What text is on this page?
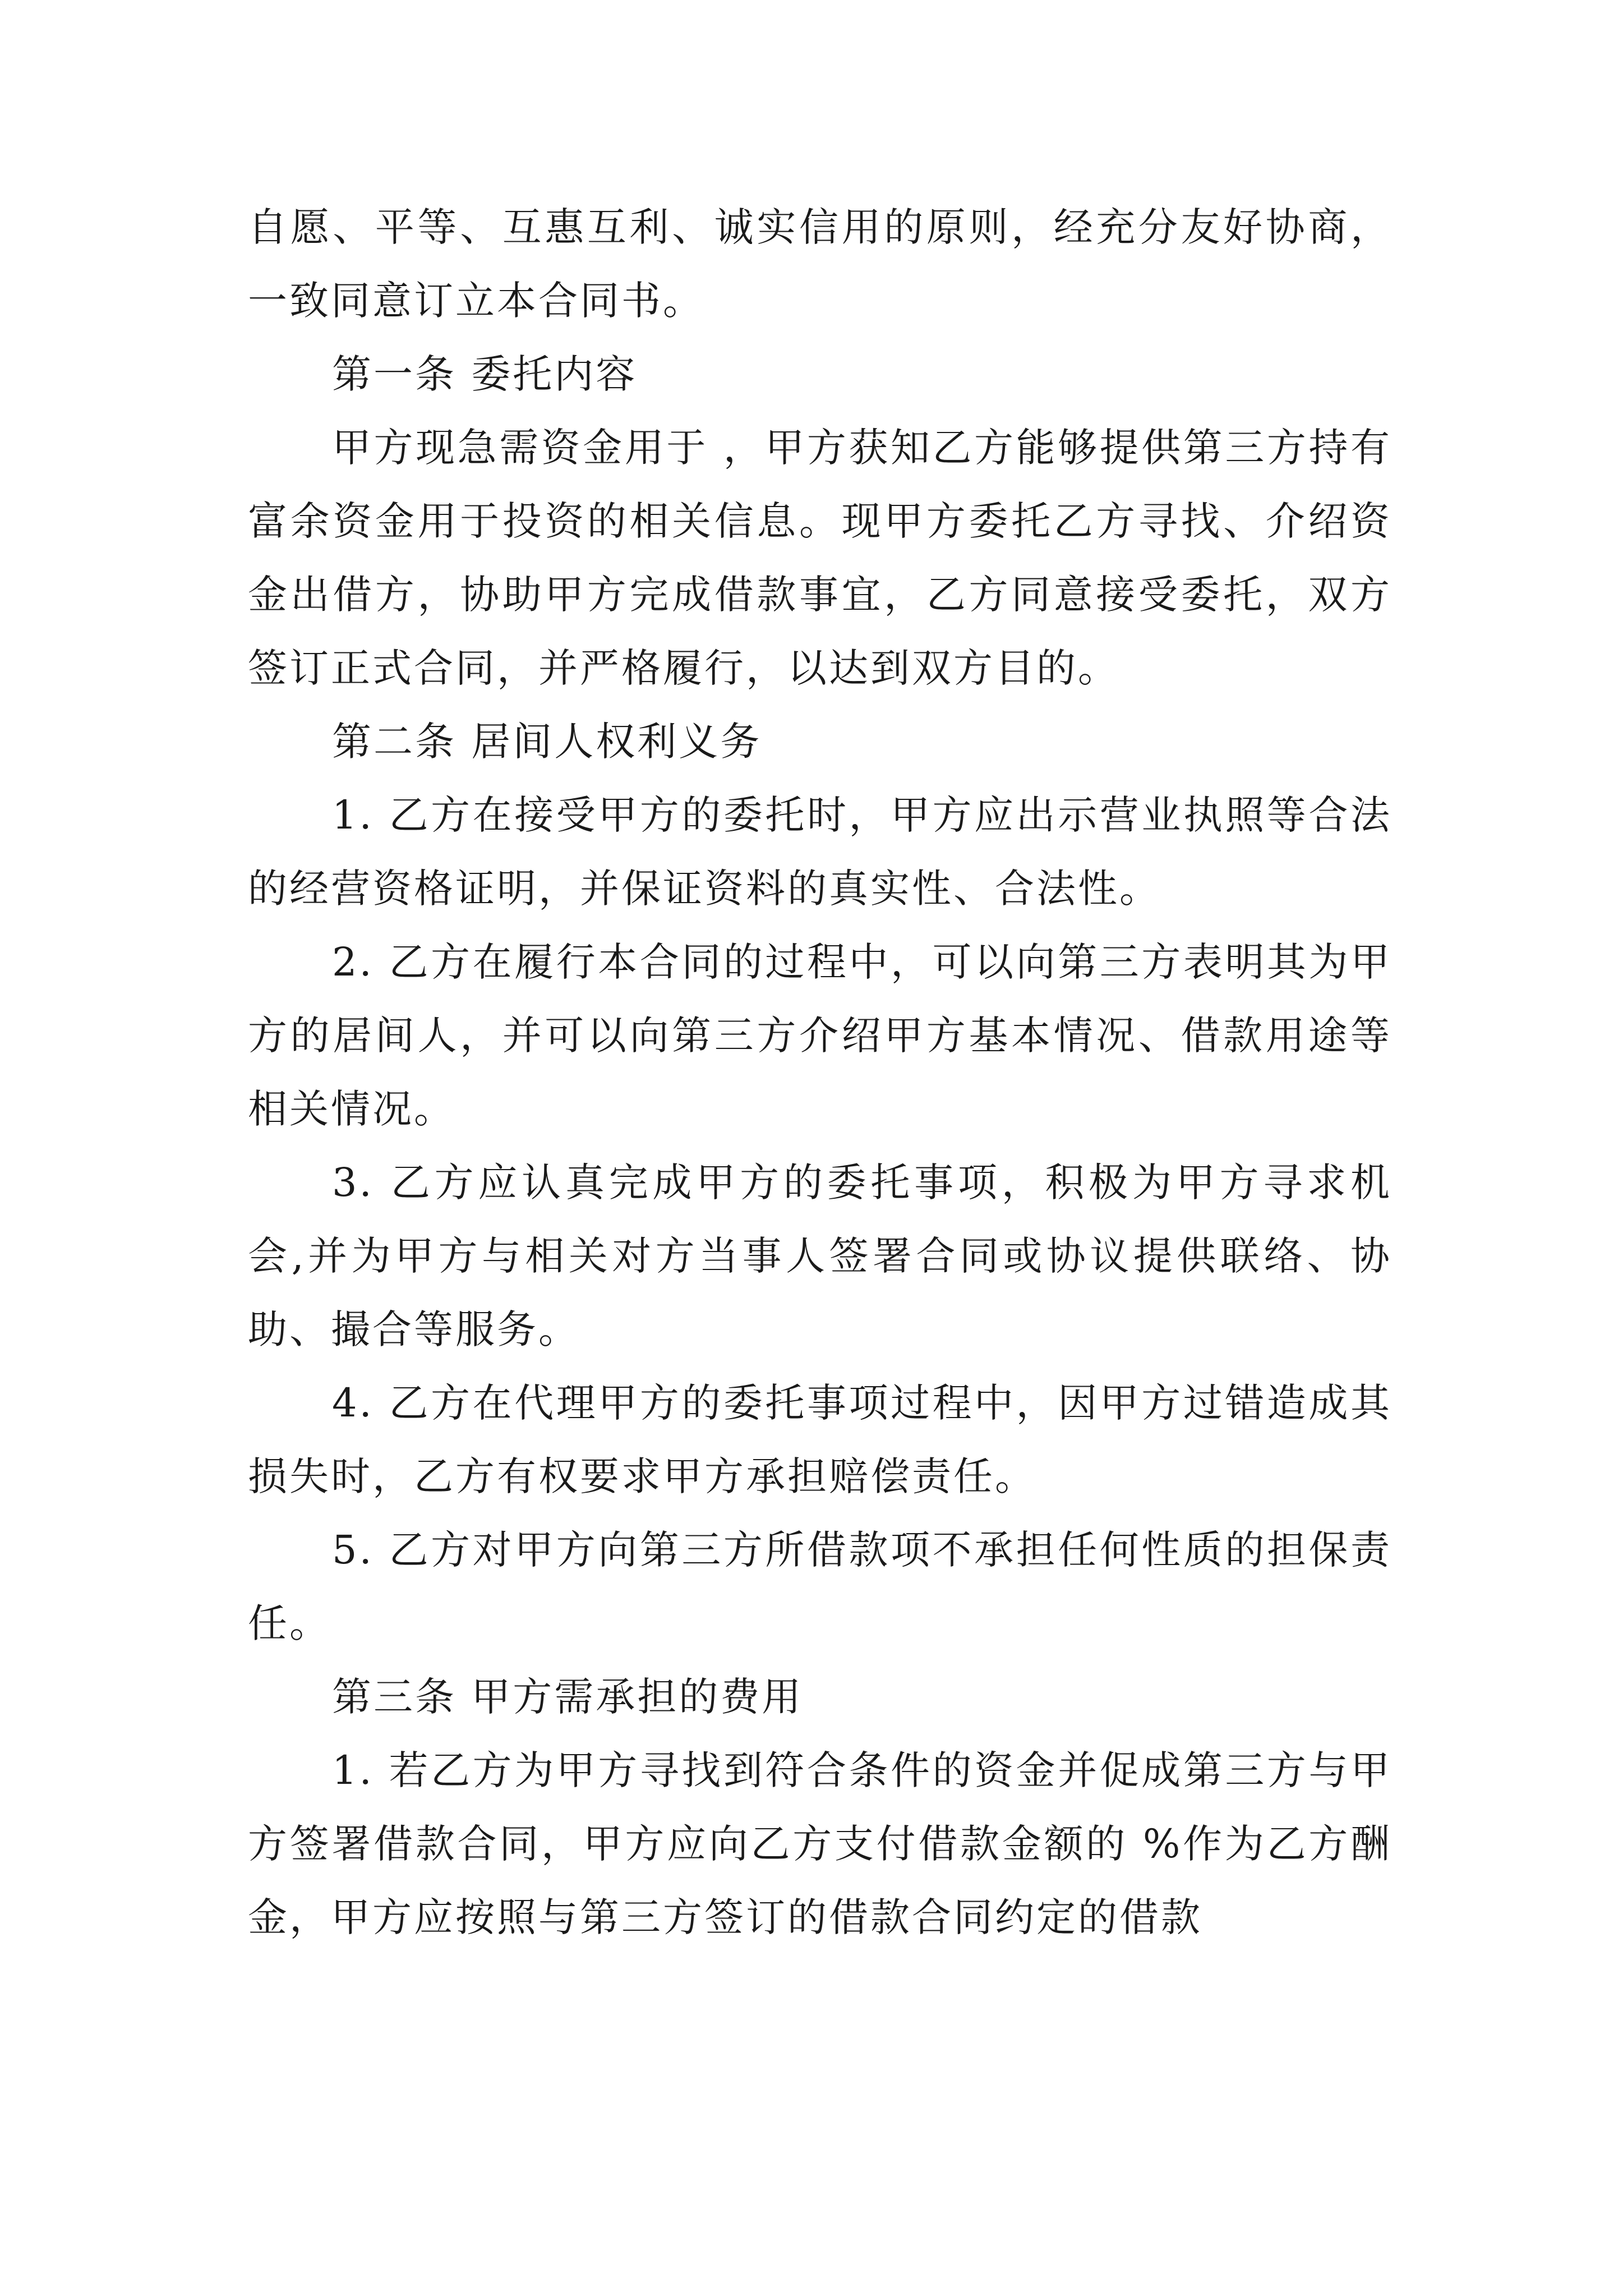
自愿、平等、互惠互利、诚实信用的原则，经充分友好协商，一致同意订立本合同书。

第一条 委托内容

甲方现急需资金用于 ，甲方获知乙方能够提供第三方持有富余资金用于投资的相关信息。现甲方委托乙方寻找、介绍资金出借方，协助甲方完成借款事宜，乙方同意接受委托，双方签订正式合同，并严格履行，以达到双方目的。

第二条 居间人权利义务

1. 乙方在接受甲方的委托时，甲方应出示营业执照等合法的经营资格证明，并保证资料的真实性、合法性。

2. 乙方在履行本合同的过程中，可以向第三方表明其为甲方的居间人，并可以向第三方介绍甲方基本情况、借款用途等相关情况。

3. 乙方应认真完成甲方的委托事项，积极为甲方寻求机会,并为甲方与相关对方当事人签署合同或协议提供联络、协助、撮合等服务。

4. 乙方在代理甲方的委托事项过程中，因甲方过错造成其损失时，乙方有权要求甲方承担赔偿责任。

5. 乙方对甲方向第三方所借款项不承担任何性质的担保责任。

第三条 甲方需承担的费用

1. 若乙方为甲方寻找到符合条件的资金并促成第三方与甲方签署借款合同，甲方应向乙方支付借款金额的 %作为乙方酬金，甲方应按照与第三方签订的借款合同约定的借款
